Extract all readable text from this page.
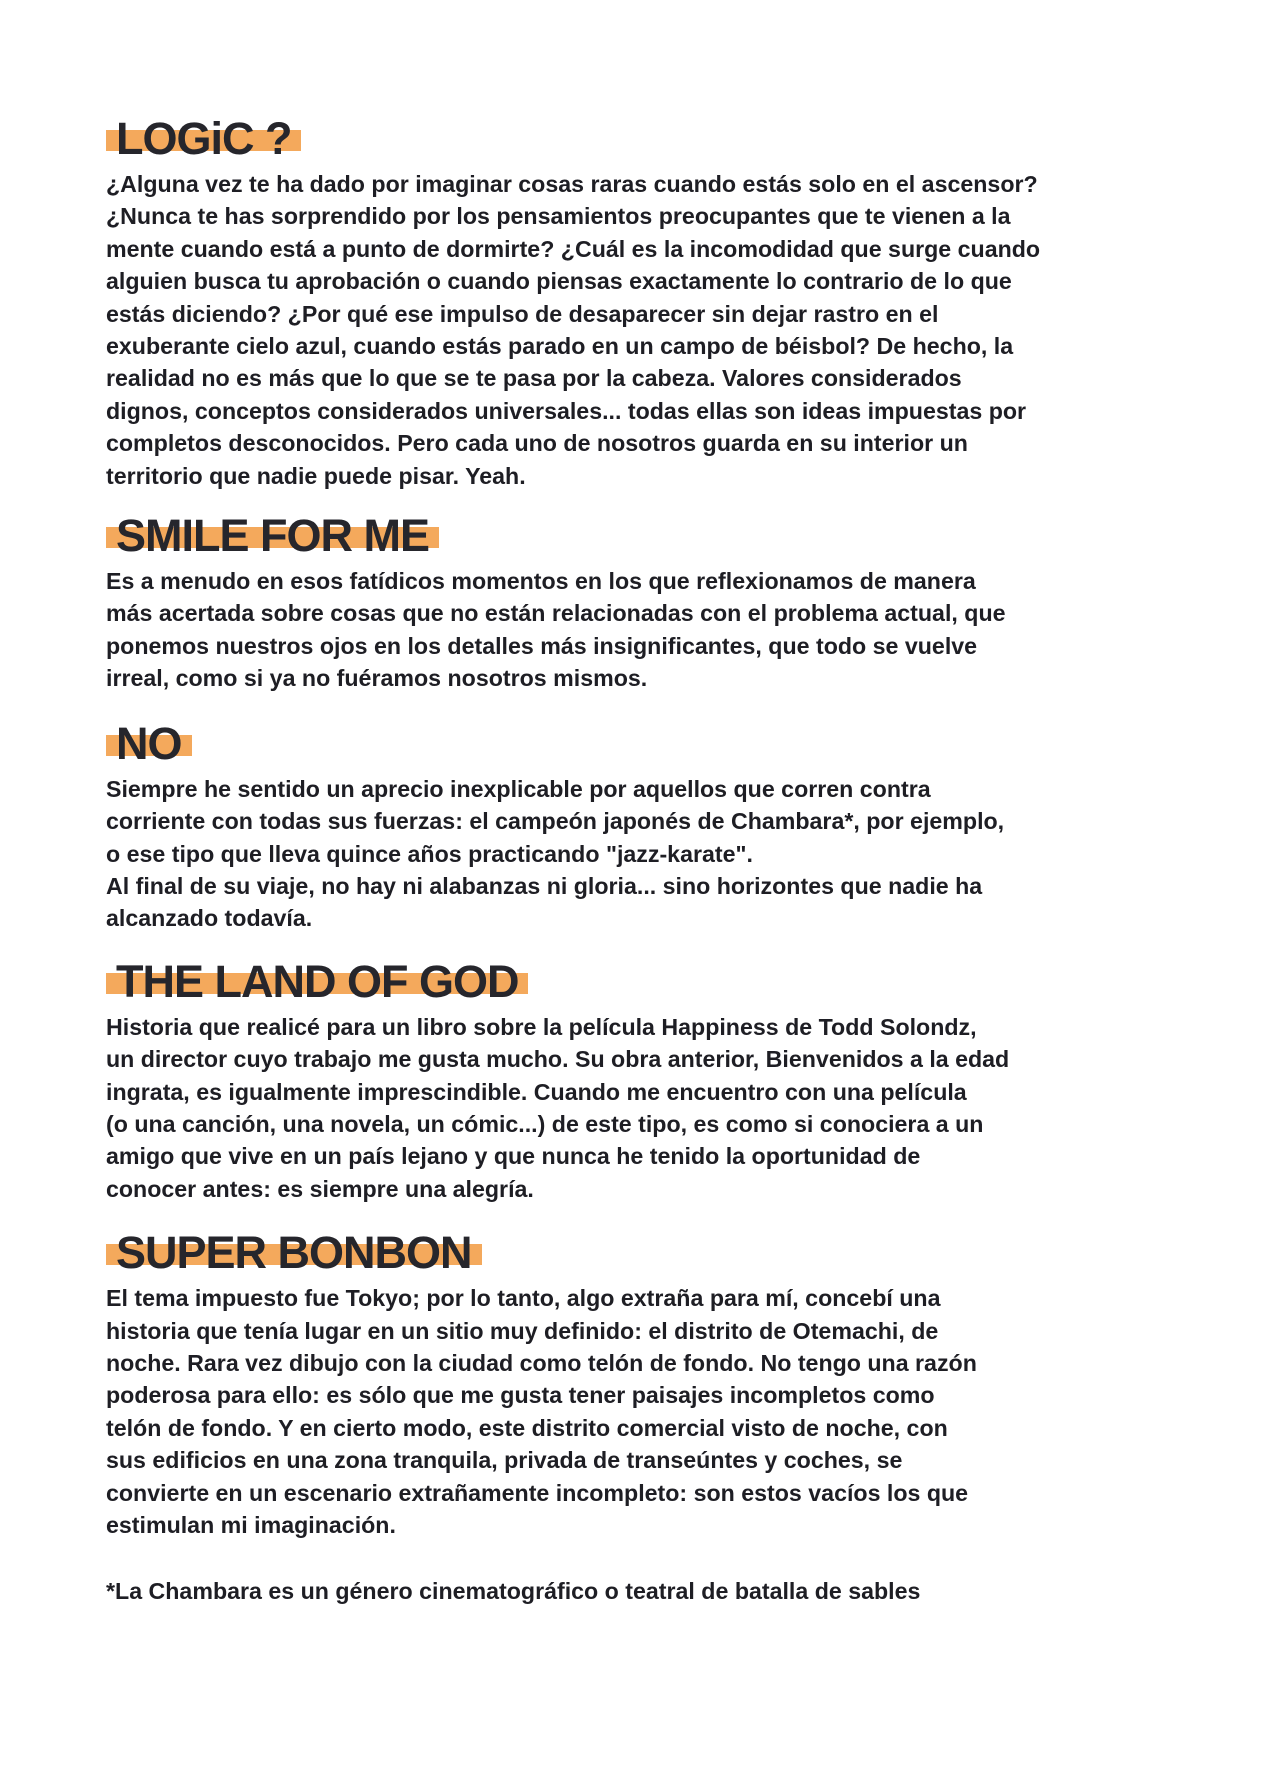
LOGiC ?

¿Alguna vez te ha dado por imaginar cosas raras cuando estás solo en el ascensor?
¿Nunca te has sorprendido por los pensamientos preocupantes que te vienen a la
mente cuando está a punto de dormirte? ¿Cuál es la incomodidad que surge cuando
alguien busca tu aprobación o cuando piensas exactamente lo contrario de lo que
estás diciendo? ¿Por qué ese impulso de desaparecer sin dejar rastro en el
exuberante cielo azul, cuando estás parado en un campo de béisbol? De hecho, la
realidad no es más que lo que se te pasa por la cabeza. Valores considerados
dignos, conceptos considerados universales... todas ellas son ideas impuestas por
completos desconocidos. Pero cada uno de nosotros guarda en su interior un
territorio que nadie puede pisar. Yeah.

SMILE FOR ME

Es a menudo en esos fatídicos momentos en los que reflexionamos de manera
más acertada sobre cosas que no están relacionadas con el problema actual, que
ponemos nuestros ojos en los detalles más insignificantes, que todo se vuelve
irreal, como si ya no fuéramos nosotros mismos.

NO

Siempre he sentido un aprecio inexplicable por aquellos que corren contra
corriente con todas sus fuerzas: el campeón japonés de Chambara*, por ejemplo,
o ese tipo que lleva quince años practicando "jazz-karate".
Al final de su viaje, no hay ni alabanzas ni gloria... sino horizontes que nadie ha
alcanzado todavía.

THE LAND OF GOD

Historia que realicé para un libro sobre la película Happiness de Todd Solondz,
un director cuyo trabajo me gusta mucho. Su obra anterior, Bienvenidos a la edad
ingrata, es igualmente imprescindible. Cuando me encuentro con una película
(o una canción, una novela, un cómic...) de este tipo, es como si conociera a un
amigo que vive en un país lejano y que nunca he tenido la oportunidad de
conocer antes: es siempre una alegría.

SUPER BONBON

El tema impuesto fue Tokyo; por lo tanto, algo extraña para mí, concebí una
historia que tenía lugar en un sitio muy definido: el distrito de Otemachi, de
noche. Rara vez dibujo con la ciudad como telón de fondo. No tengo una razón
poderosa para ello: es sólo que me gusta tener paisajes incompletos como
telón de fondo. Y en cierto modo, este distrito comercial visto de noche, con
sus edificios en una zona tranquila, privada de transeúntes y coches, se
convierte en un escenario extrañamente incompleto: son estos vacíos los que
estimulan mi imaginación.

*La Chambara es un género cinematográfico o teatral de batalla de sables
